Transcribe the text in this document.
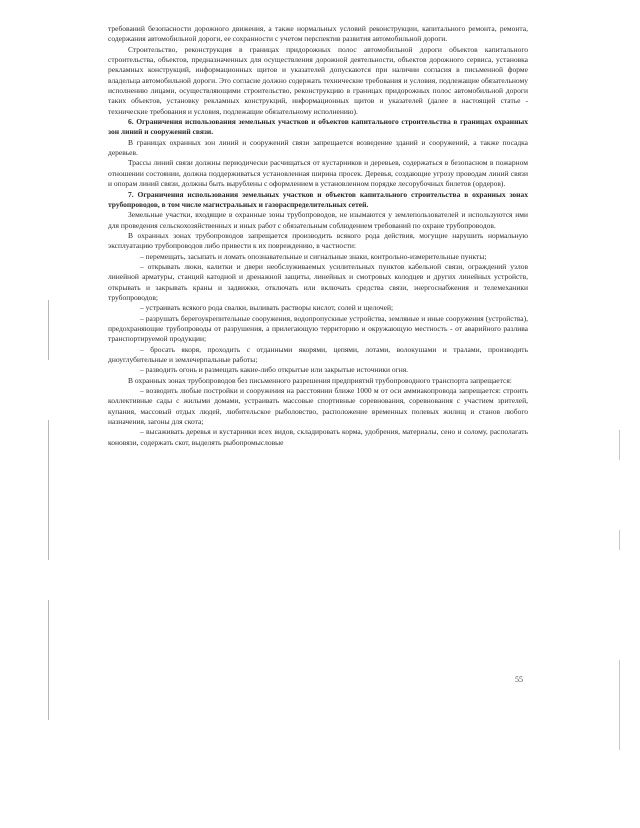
требований безопасности дорожного движения, а также нормальных условий реконструкции, капитального ремонта, ремонта, содержания автомобильной дороги, ее сохранности с учетом перспектив развития автомобильной дороги.

Строительство, реконструкция в границах придорожных полос автомобильной дороги объектов капитального строительства, объектов, предназначенных для осуществления дорожной деятельности, объектов дорожного сервиса, установка рекламных конструкций, информационных щитов и указателей допускаются при наличии согласия в письменной форме владельца автомобильной дороги. Это согласие должно содержать технические требования и условия, подлежащие обязательному исполнению лицами, осуществляющими строительство, реконструкцию в границах придорожных полос автомобильной дороги таких объектов, установку рекламных конструкций, информационных щитов и указателей (далее в настоящей статье - технические требования и условия, подлежащие обязательному исполнению).

6. Ограничения использования земельных участков и объектов капитального строительства в границах охранных зон линий и сооружений связи.

В границах охранных зон линий и сооружений связи запрещается возведение зданий и сооружений, а также посадка деревьев.

Трассы линий связи должны периодически расчищаться от кустарников и деревьев, содержаться в безопасном в пожарном отношении состоянии, должна поддерживаться установленная ширина просек. Деревья, создающие угрозу проводам линий связи и опорам линий связи, должны быть вырублены с оформлением в установленном порядке лесорубочных билетов (ордеров).

7. Ограничения использования земельных участков и объектов капитального строительства в охранных зонах трубопроводов, в том числе магистральных и газораспределительных сетей.

Земельные участки, входящие в охранные зоны трубопроводов, не изымаются у землепользователей и используются ими для проведения сельскохозяйственных и иных работ с обязательным соблюдением требований по охране трубопроводов.

В охранных зонах трубопроводов запрещается производить всякого рода действия, могущие нарушить нормальную эксплуатацию трубопроводов либо привести к их повреждению, в частности:

– перемещать, засыпать и ломать опознавательные и сигнальные знаки, контрольно-измерительные пункты;

– открывать люки, калитки и двери необслуживаемых усилительных пунктов кабельной связи, ограждений узлов линейной арматуры, станций катодной и дренажной защиты, линейных и смотровых колодцев и других линейных устройств, открывать и закрывать краны и задвижки, отключать или включать средства связи, энергоснабжения и телемеханики трубопроводов;

– устраивать всякого рода свалки, выливать растворы кислот, солей и щелочей;

– разрушать берегоукрепительные сооружения, водопропускные устройства, земляные и иные сооружения (устройства), предохраняющие трубопроводы от разрушения, а прилегающую территорию и окружающую местность - от аварийного разлива транспортируемой продукции;

– бросать якоря, проходить с отданными якорями, цепями, лотами, волокушами и тралами, производить дноуглубительные и землечерпальные работы;

– разводить огонь и размещать какие-либо открытые или закрытые источники огня.

В охранных зонах трубопроводов без письменного разрешения предприятий трубопроводного транспорта запрещается:

– возводить любые постройки и сооружения на расстоянии ближе 1000 м от оси аммиакопровода запрещается: строить коллективные сады с жилыми домами, устраивать массовые спортивные соревнования, соревнования с участием зрителей, купания, массовый отдых людей, любительское рыболовство, расположение временных полевых жилищ и станов любого назначения, загоны для скота;

– высаживать деревья и кустарники всех видов, складировать корма, удобрения, материалы, сено и солому, располагать коновязи, содержать скот, выделять рыбопромысловые

55
